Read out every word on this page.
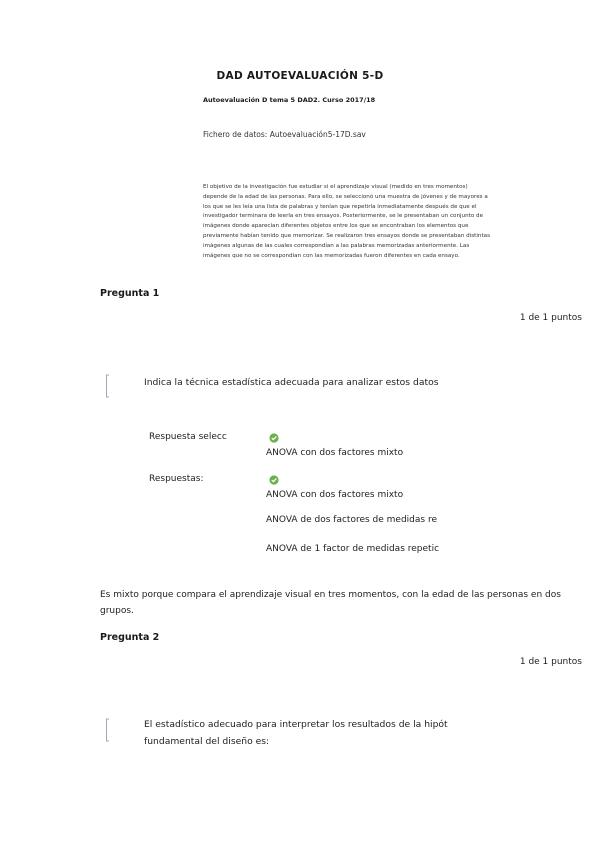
DAD AUTOEVALUACIÓN 5-D
Autoevaluación D tema 5 DAD2. Curso 2017/18
Fichero de datos: Autoevaluación5-17D.sav
El objetivo de la investigación fue estudiar si el aprendizaje visual (medido en tres momentos) depende de la edad de las personas. Para ello, se seleccionó una muestra de jóvenes y de mayores a los que se les leía una lista de palabras y tenían que repetirla inmediatamente después de que el investigador terminara de leerla en tres ensayos. Posteriormente, se le presentaban un conjunto de imágenes donde aparecían diferentes objetos entre los que se encontraban los elementos que previamente habían tenido que memorizar. Se realizaron tres ensayos donde se presentaban distintas imágenes algunas de las cuales correspondían a las palabras memorizadas anteriormente. Las imágenes que no se correspondían con las memorizadas fueron diferentes en cada ensayo.
Pregunta 1
1 de 1 puntos
Indica la técnica estadística adecuada para analizar estos datos
Respuesta selecc
ANOVA con dos factores mixto
Respuestas:
ANOVA con dos factores mixto
ANOVA de dos factores de medidas re
ANOVA de 1 factor de medidas repetic
Es mixto porque compara el aprendizaje visual en tres momentos, con la edad de las personas en dos grupos.
Pregunta 2
1 de 1 puntos
El estadístico adecuado para interpretar los resultados de la hipót
fundamental del diseño es:
